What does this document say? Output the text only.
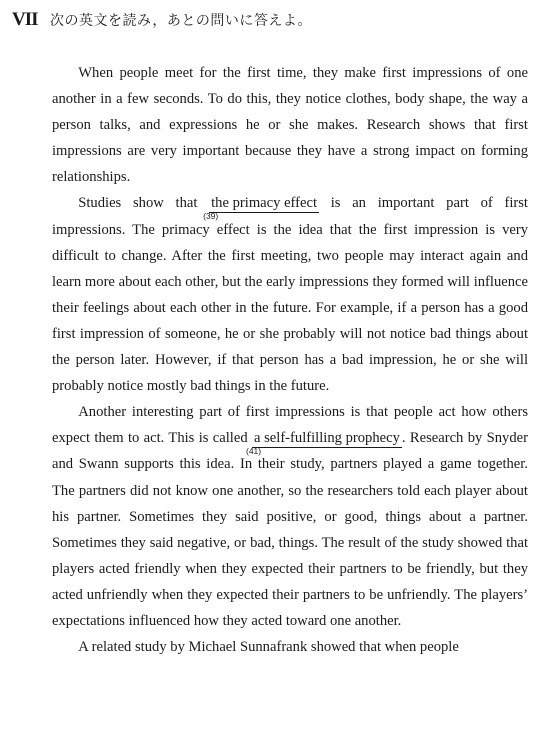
VII 次の英文を読み，あとの問いに答えよ。

When people meet for the first time, they make first impressions of one another in a few seconds. To do this, they notice clothes, body shape, the way a person talks, and expressions he or she makes. Research shows that first impressions are very important because they have a strong impact on forming relationships.

Studies show that the primacy effect
(39)
is an important part of first impressions. The primacy effect is the idea that the first impression is very difficult to change. After the first meeting, two people may interact again and learn more about each other, but the early impressions they formed will influence their feelings about each other in the future. For example, if a person has a good first impression of someone, he or she probably will not notice bad things about the person later. However, if that person has a bad impression, he or she will probably notice mostly bad things in the future.

Another interesting part of first impressions is that people act how others expect them to act. This is called a self-fulfilling prophecy
(41)
. Research by Snyder and Swann supports this idea. In their study, partners played a game together. The partners did not know one another, so the researchers told each player about his partner. Sometimes they said positive, or good, things about a partner. Sometimes they said negative, or bad, things. The result of the study showed that players acted friendly when they expected their partners to be friendly, but they acted unfriendly when they expected their partners to be unfriendly. The players’ expectations influenced how they acted toward one another.

A related study by Michael Sunnafrank showed that when people
